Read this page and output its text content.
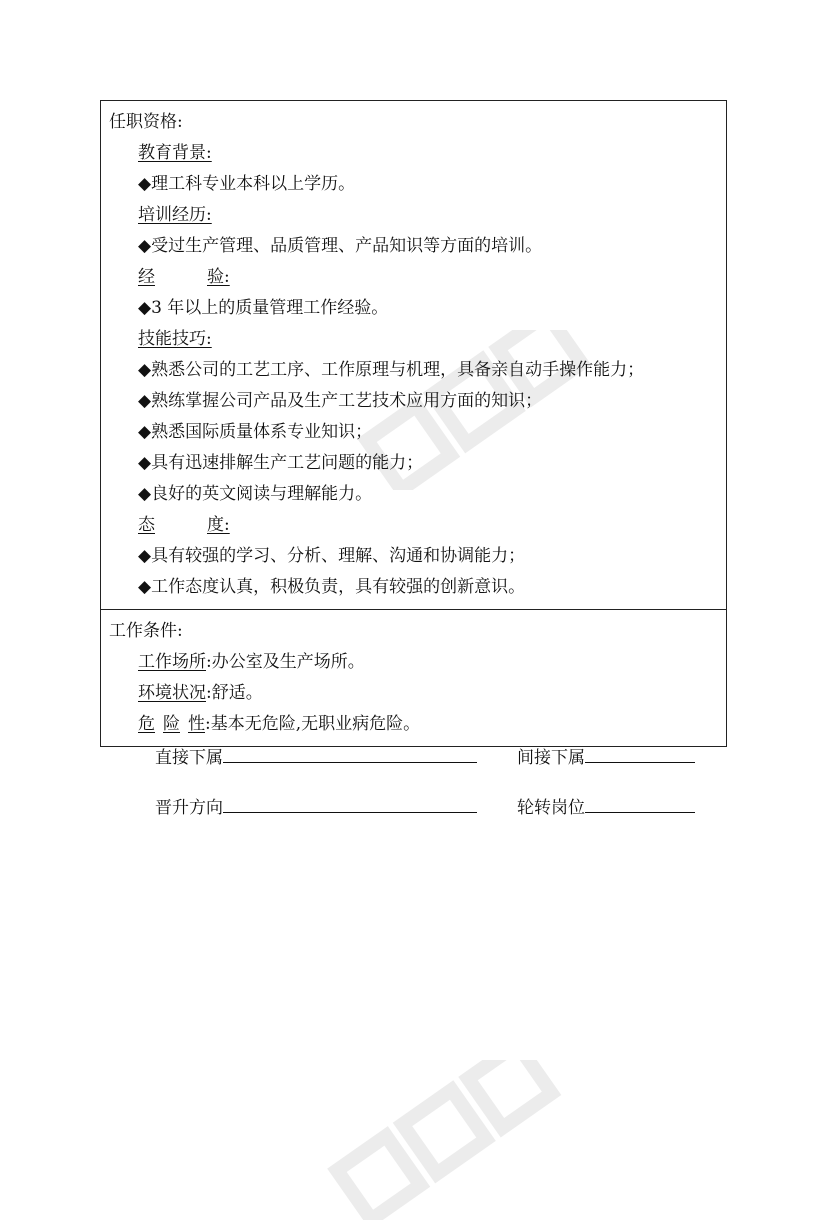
任职资格:
教育背景:
◆理工科专业本科以上学历。
培训经历:
◆受过生产管理、品质管理、产品知识等方面的培训。
经	验:
◆3 年以上的质量管理工作经验。
技能技巧:
◆熟悉公司的工艺工序、工作原理与机理，具备亲自动手操作能力；
◆熟练掌握公司产品及生产工艺技术应用方面的知识；
◆熟悉国际质量体系专业知识；
◆具有迅速排解生产工艺问题的能力；
◆良好的英文阅读与理解能力。
态	度:
◆具有较强的学习、分析、理解、沟通和协调能力；
◆工作态度认真，积极负责，具有较强的创新意识。
工作条件:
工作场所:办公室及生产场所。
环境状况:舒适。
危 险 性:基本无危险,无职业病危险。
直接下属	间接下属
晋升方向	轮转岗位
